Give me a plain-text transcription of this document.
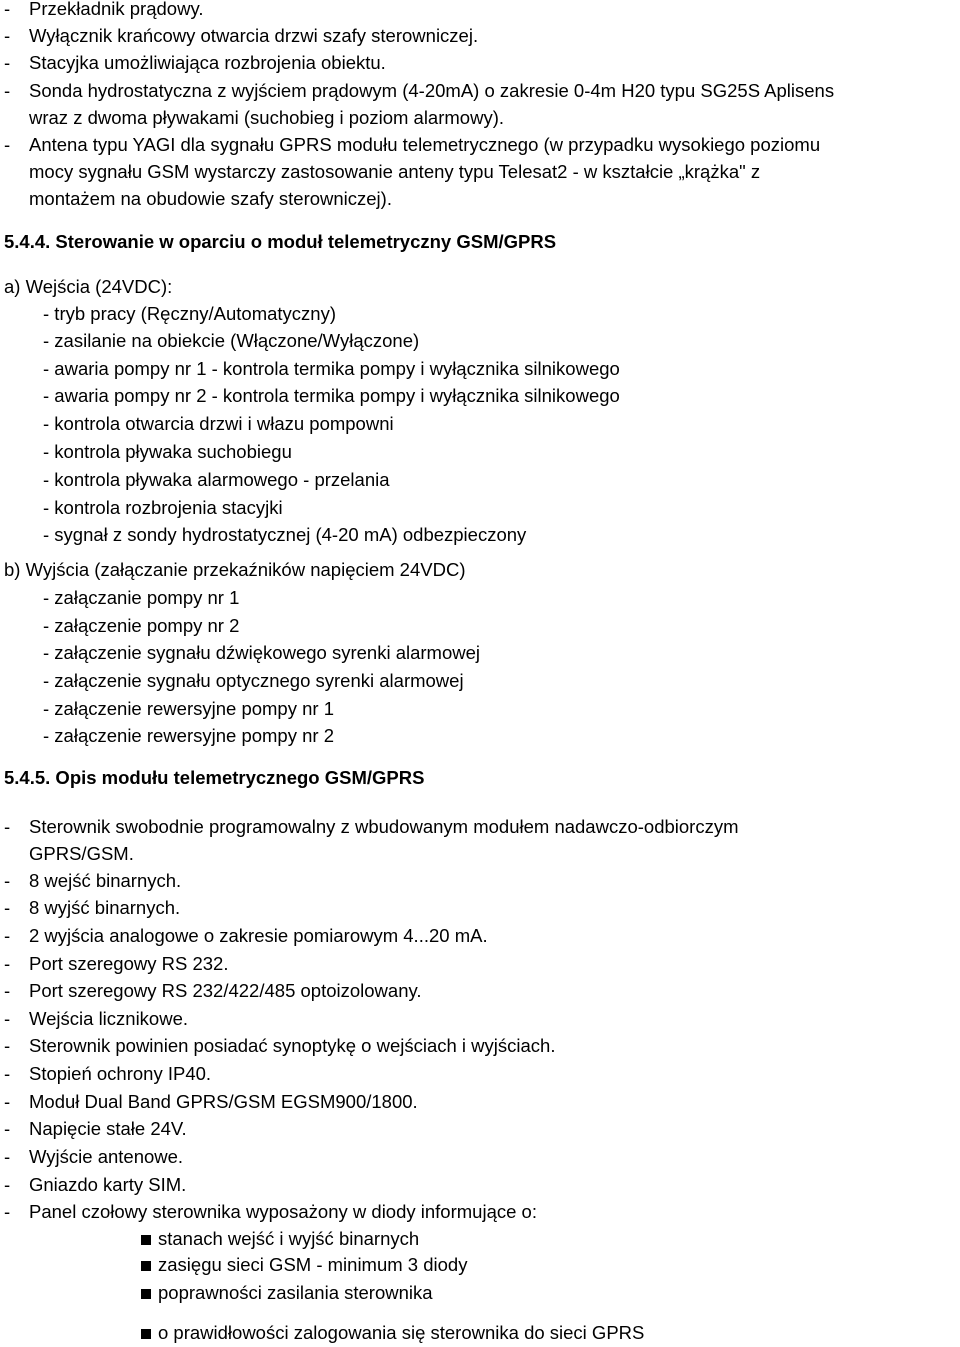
- Przekładnik prądowy.
- Wyłącznik krańcowy otwarcia drzwi szafy sterowniczej.
- Stacyjka umożliwiająca rozbrojenia obiektu.
- Sonda hydrostatyczna z wyjściem prądowym (4-20mA) o zakresie 0-4m H20 typu SG25S Aplisens
wraz z dwoma pływakami (suchobieg i poziom alarmowy).
- Antena typu YAGI dla sygnału GPRS modułu telemetrycznego (w przypadku wysokiego poziomu
mocy sygnału GSM wystarczy zastosowanie anteny typu Telesat2 - w kształcie „krążka" z
montażem na obudowie szafy sterowniczej).
5.4.4. Sterowanie w oparciu o moduł telemetryczny GSM/GPRS
a) Wejścia (24VDC):
- tryb pracy (Ręczny/Automatyczny)
- zasilanie na obiekcie (Włączone/Wyłączone)
- awaria pompy nr 1 - kontrola termika pompy i wyłącznika silnikowego
- awaria pompy nr 2 - kontrola termika pompy i wyłącznika silnikowego
- kontrola otwarcia drzwi i włazu pompowni
- kontrola pływaka suchobiegu
- kontrola pływaka alarmowego - przelania
- kontrola rozbrojenia stacyjki
- sygnał z sondy hydrostatycznej (4-20 mA) odbezpieczony
b) Wyjścia (załączanie przekaźników napięciem 24VDC)
- załączanie pompy nr 1
- załączenie pompy nr 2
- załączenie sygnału dźwiękowego syrenki alarmowej
- załączenie sygnału optycznego syrenki alarmowej
- załączenie rewersyjne pompy nr 1
- załączenie rewersyjne pompy nr 2
5.4.5. Opis modułu telemetrycznego GSM/GPRS
- Sterownik swobodnie programowalny z wbudowanym modułem nadawczo-odbiorczym
GPRS/GSM.
- 8 wejść binarnych.
- 8 wyjść binarnych.
- 2 wyjścia analogowe o zakresie pomiarowym 4...20 mA.
- Port szeregowy RS 232.
- Port szeregowy RS 232/422/485 optoizolowany.
- Wejścia licznikowe.
- Sterownik powinien posiadać synoptykę o wejściach i wyjściach.
- Stopień ochrony IP40.
- Moduł Dual Band GPRS/GSM EGSM900/1800.
- Napięcie stałe 24V.
- Wyjście antenowe.
- Gniazdo karty SIM.
- Panel czołowy sterownika wyposażony w diody informujące o:
stanach wejść i wyjść binarnych
zasięgu sieci GSM - minimum 3 diody
poprawności zasilania sterownika
o prawidłowości zalogowania się sterownika do sieci GPRS
